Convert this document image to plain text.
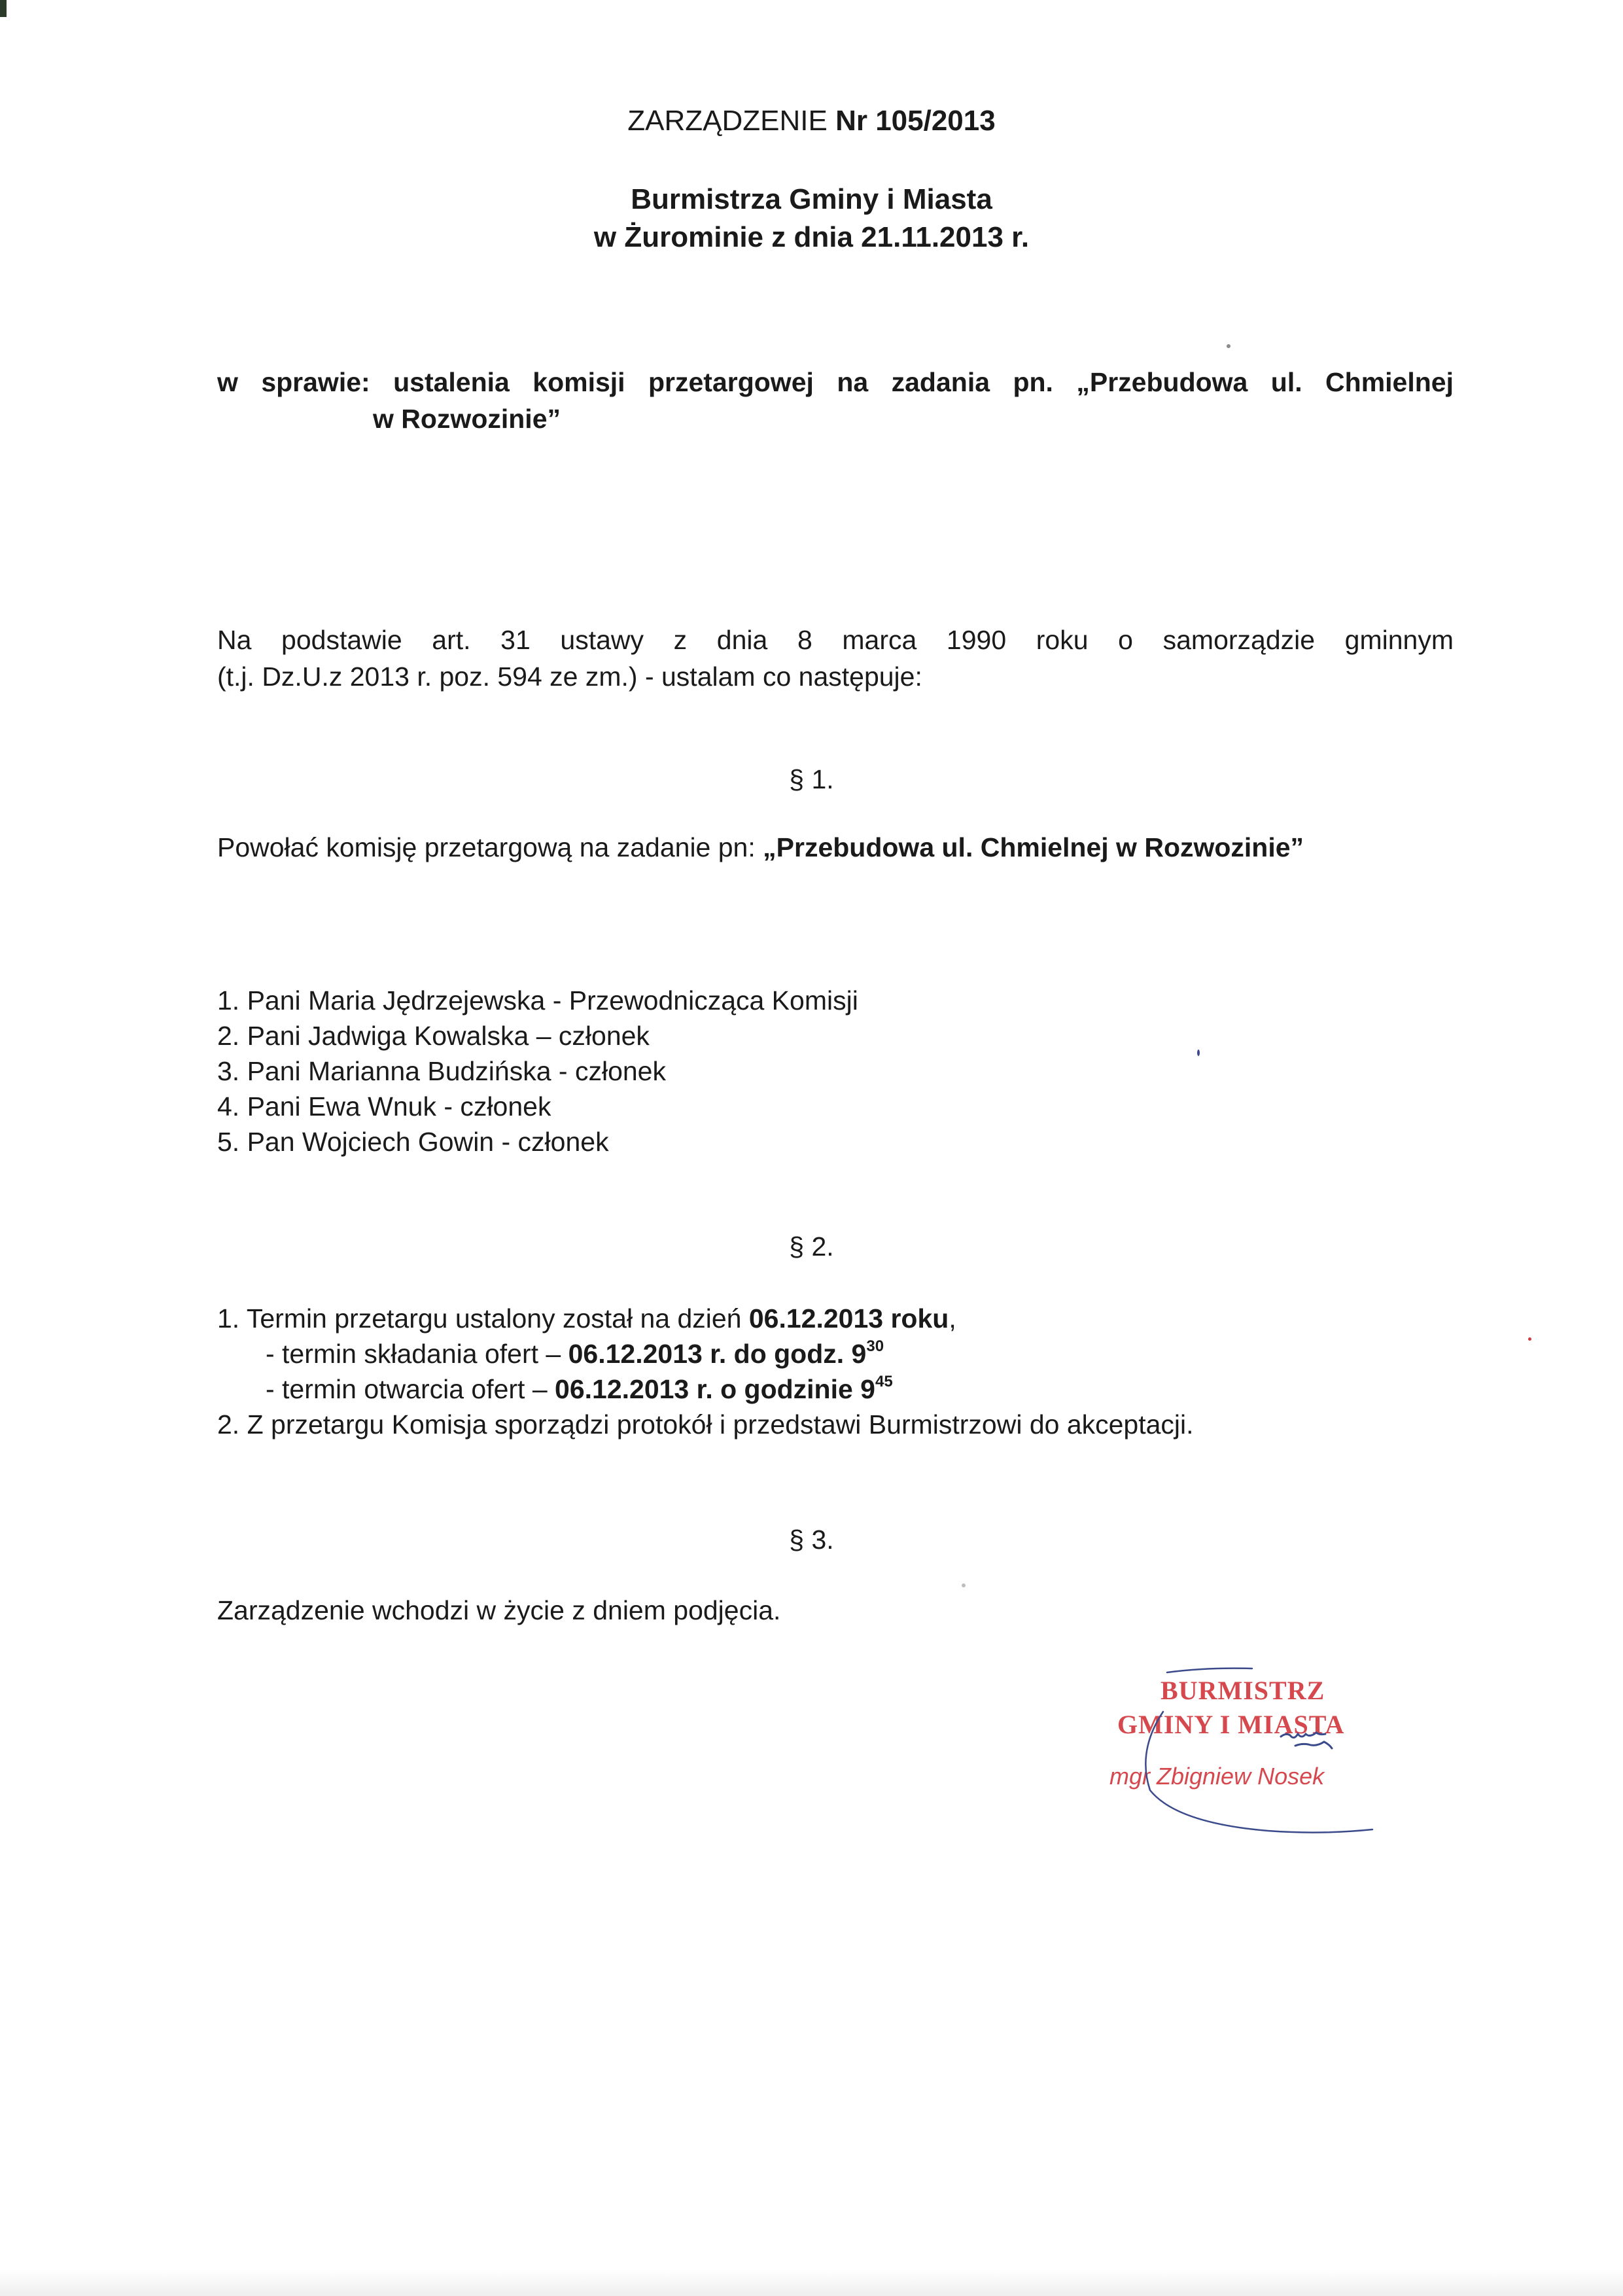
ZARZĄDZENIE Nr 105/2013
Burmistrza Gminy i Miasta
w Żurominie z dnia 21.11.2013 r.
w sprawie: ustalenia komisji przetargowej na zadania pn. „Przebudowa ul. Chmielnej
w Rozwozinie”
Na podstawie art. 31 ustawy z dnia 8 marca 1990 roku o samorządzie gminnym
(t.j. Dz.U.z 2013 r. poz. 594 ze zm.) - ustalam co następuje:
§ 1.
Powołać komisję przetargową na zadanie pn: „Przebudowa ul. Chmielnej w Rozwozinie”
1. Pani Maria Jędrzejewska - Przewodnicząca Komisji
2. Pani Jadwiga Kowalska – członek
3. Pani Marianna Budzińska - członek
4. Pani Ewa Wnuk - członek
5. Pan Wojciech Gowin - członek
§ 2.
1. Termin przetargu ustalony został na dzień 06.12.2013 roku,
- termin składania ofert – 06.12.2013 r. do godz. $9^{30}$
- termin otwarcia ofert – 06.12.2013 r. o godzinie $9^{45}$
2. Z przetargu Komisja sporządzi protokół i przedstawi Burmistrzowi do akceptacji.
§ 3.
Zarządzenie wchodzi w życie z dniem podjęcia.
BURMISTRZ
GMINY I MIASTA
mgr Zbigniew Nosek
